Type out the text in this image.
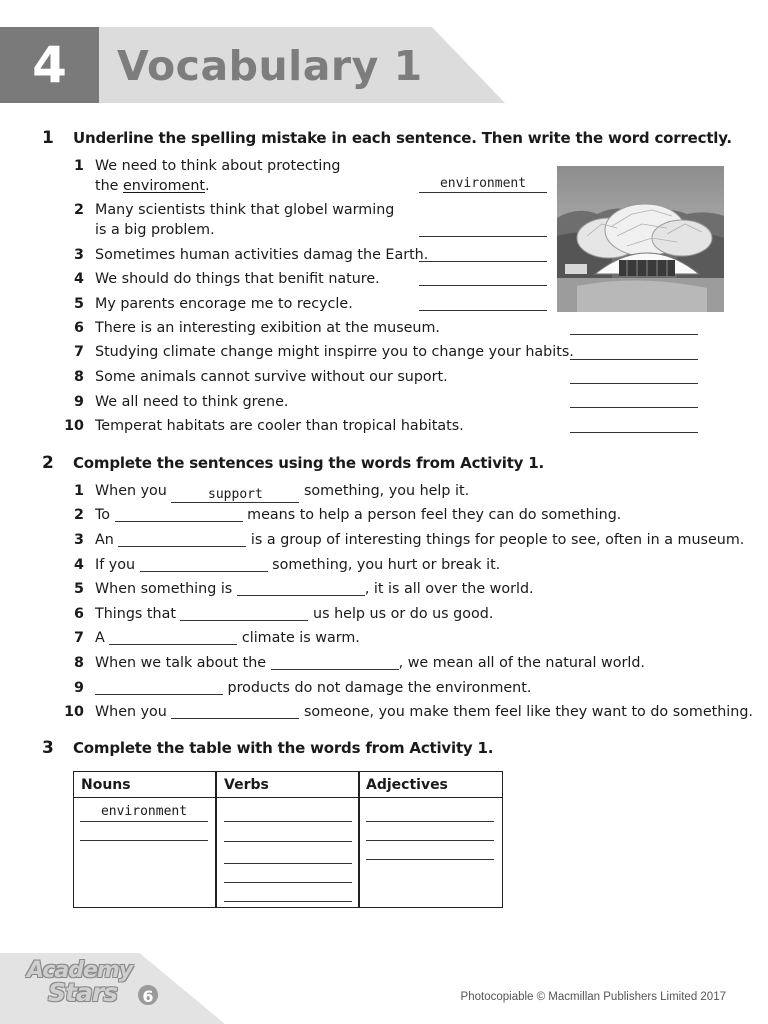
4	Vocabulary 1
1 Underline the spelling mistake in each sentence. Then write the word correctly.
1 We need to think about protecting
the enviroment.	environment
2 Many scientists think that globel warming
is a big problem.
3 Sometimes human activities damag the Earth.
4 We should do things that benifit nature.
5 My parents encorage me to recycle.
6 There is an interesting exibition at the museum.
7 Studying climate change might inspirre you to change your habits.
8 Some animals cannot survive without our suport.
9 We all need to think grene.
10 Temperat habitats are cooler than tropical habitats.
2 Complete the sentences using the words from Activity 1.
1 When you	support	something, you help it.
2 To	means to help a person feel they can do something.
3 An	is a group of interesting things for people to see, often in a museum.
4 If you	something, you hurt or break it.
5 When something is	, it is all over the world.
6 Things that	us help us or do us good.
7 A	climate is warm.
8 When we talk about the	, we mean all of the natural world.
9	products do not damage the environment.
10 When you	someone, you make them feel like they want to do something.
3 Complete the table with the words from Activity 1.
Nouns	Verbs	Adjectives
environment
Academy
Stars	6	Photocopiable © Macmillan Publishers Limited 2017
